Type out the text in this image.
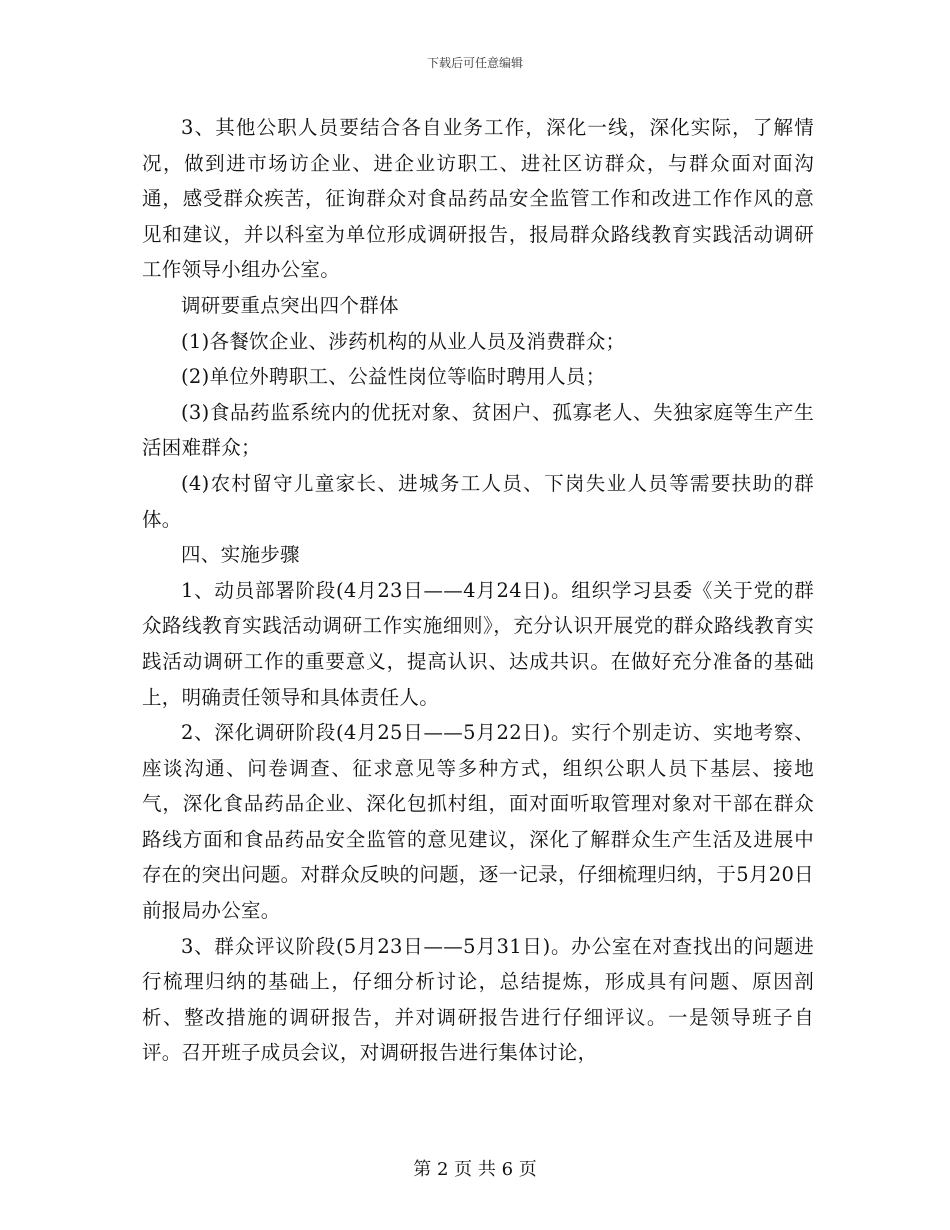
下载后可任意编辑

3、其他公职人员要结合各自业务工作，深化一线，深化实际，了解情况，做到进市场访企业、进企业访职工、进社区访群众，与群众面对面沟通，感受群众疾苦，征询群众对食品药品安全监管工作和改进工作作风的意见和建议，并以科室为单位形成调研报告，报局群众路线教育实践活动调研工作领导小组办公室。

调研要重点突出四个群体

(1)各餐饮企业、涉药机构的从业人员及消费群众；

(2)单位外聘职工、公益性岗位等临时聘用人员；

(3)食品药监系统内的优抚对象、贫困户、孤寡老人、失独家庭等生产生活困难群众；

(4)农村留守儿童家长、进城务工人员、下岗失业人员等需要扶助的群体。

四、实施步骤

1、动员部署阶段(4月23日——4月24日)。组织学习县委《关于党的群众路线教育实践活动调研工作实施细则》，充分认识开展党的群众路线教育实践活动调研工作的重要意义，提高认识、达成共识。在做好充分准备的基础上，明确责任领导和具体责任人。

2、深化调研阶段(4月25日——5月22日)。实行个别走访、实地考察、座谈沟通、问卷调查、征求意见等多种方式，组织公职人员下基层、接地气，深化食品药品企业、深化包抓村组，面对面听取管理对象对干部在群众路线方面和食品药品安全监管的意见建议，深化了解群众生产生活及进展中存在的突出问题。对群众反映的问题，逐一记录，仔细梳理归纳，于5月20日前报局办公室。

3、群众评议阶段(5月23日——5月31日)。办公室在对查找出的问题进行梳理归纳的基础上，仔细分析讨论，总结提炼，形成具有问题、原因剖析、整改措施的调研报告，并对调研报告进行仔细评议。一是领导班子自评。召开班子成员会议，对调研报告进行集体讨论，

第 2 页 共 6 页
